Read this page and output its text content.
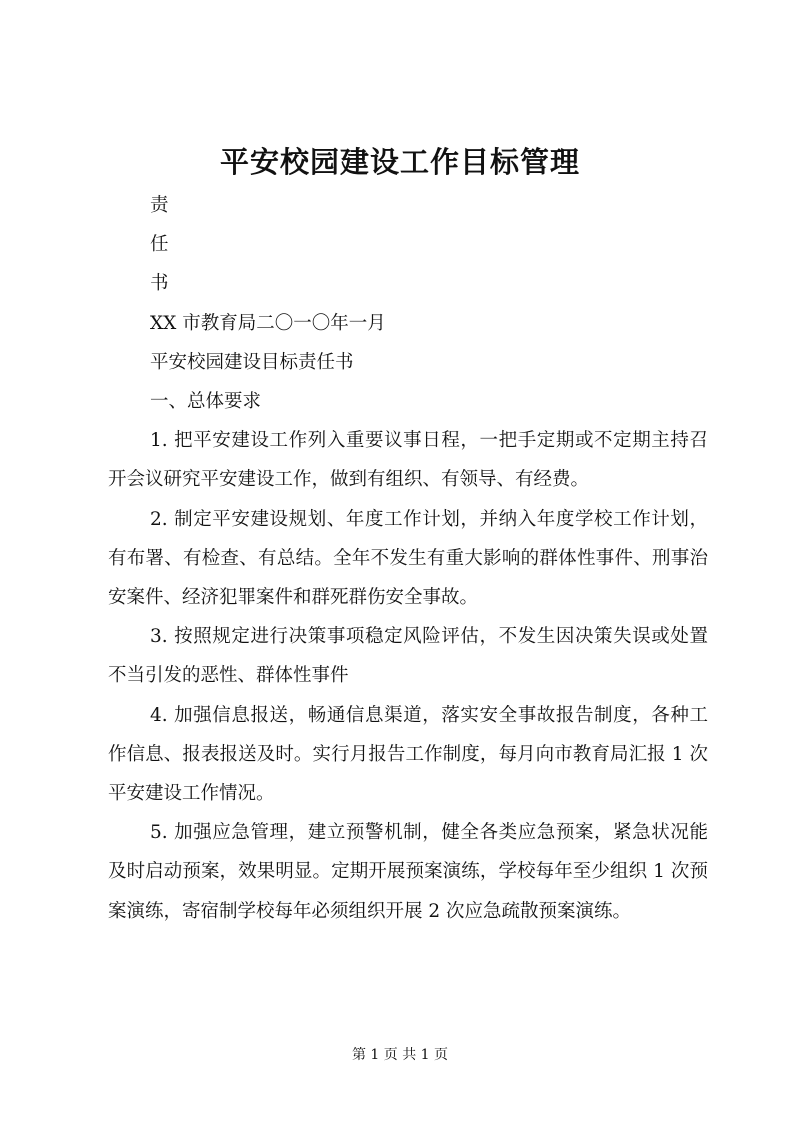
平安校园建设工作目标管理

责

任

书

XX 市教育局二〇一〇年一月

平安校园建设目标责任书

一、总体要求

1. 把平安建设工作列入重要议事日程，一把手定期或不定期主持召开会议研究平安建设工作，做到有组织、有领导、有经费。

2. 制定平安建设规划、年度工作计划，并纳入年度学校工作计划，有布署、有检查、有总结。全年不发生有重大影响的群体性事件、刑事治安案件、经济犯罪案件和群死群伤安全事故。

3. 按照规定进行决策事项稳定风险评估，不发生因决策失误或处置不当引发的恶性、群体性事件

4. 加强信息报送，畅通信息渠道，落实安全事故报告制度，各种工作信息、报表报送及时。实行月报告工作制度，每月向市教育局汇报 1 次平安建设工作情况。

5. 加强应急管理，建立预警机制，健全各类应急预案，紧急状况能及时启动预案，效果明显。定期开展预案演练，学校每年至少组织 1 次预案演练，寄宿制学校每年必须组织开展 2 次应急疏散预案演练。

第 1 页 共 1 页
